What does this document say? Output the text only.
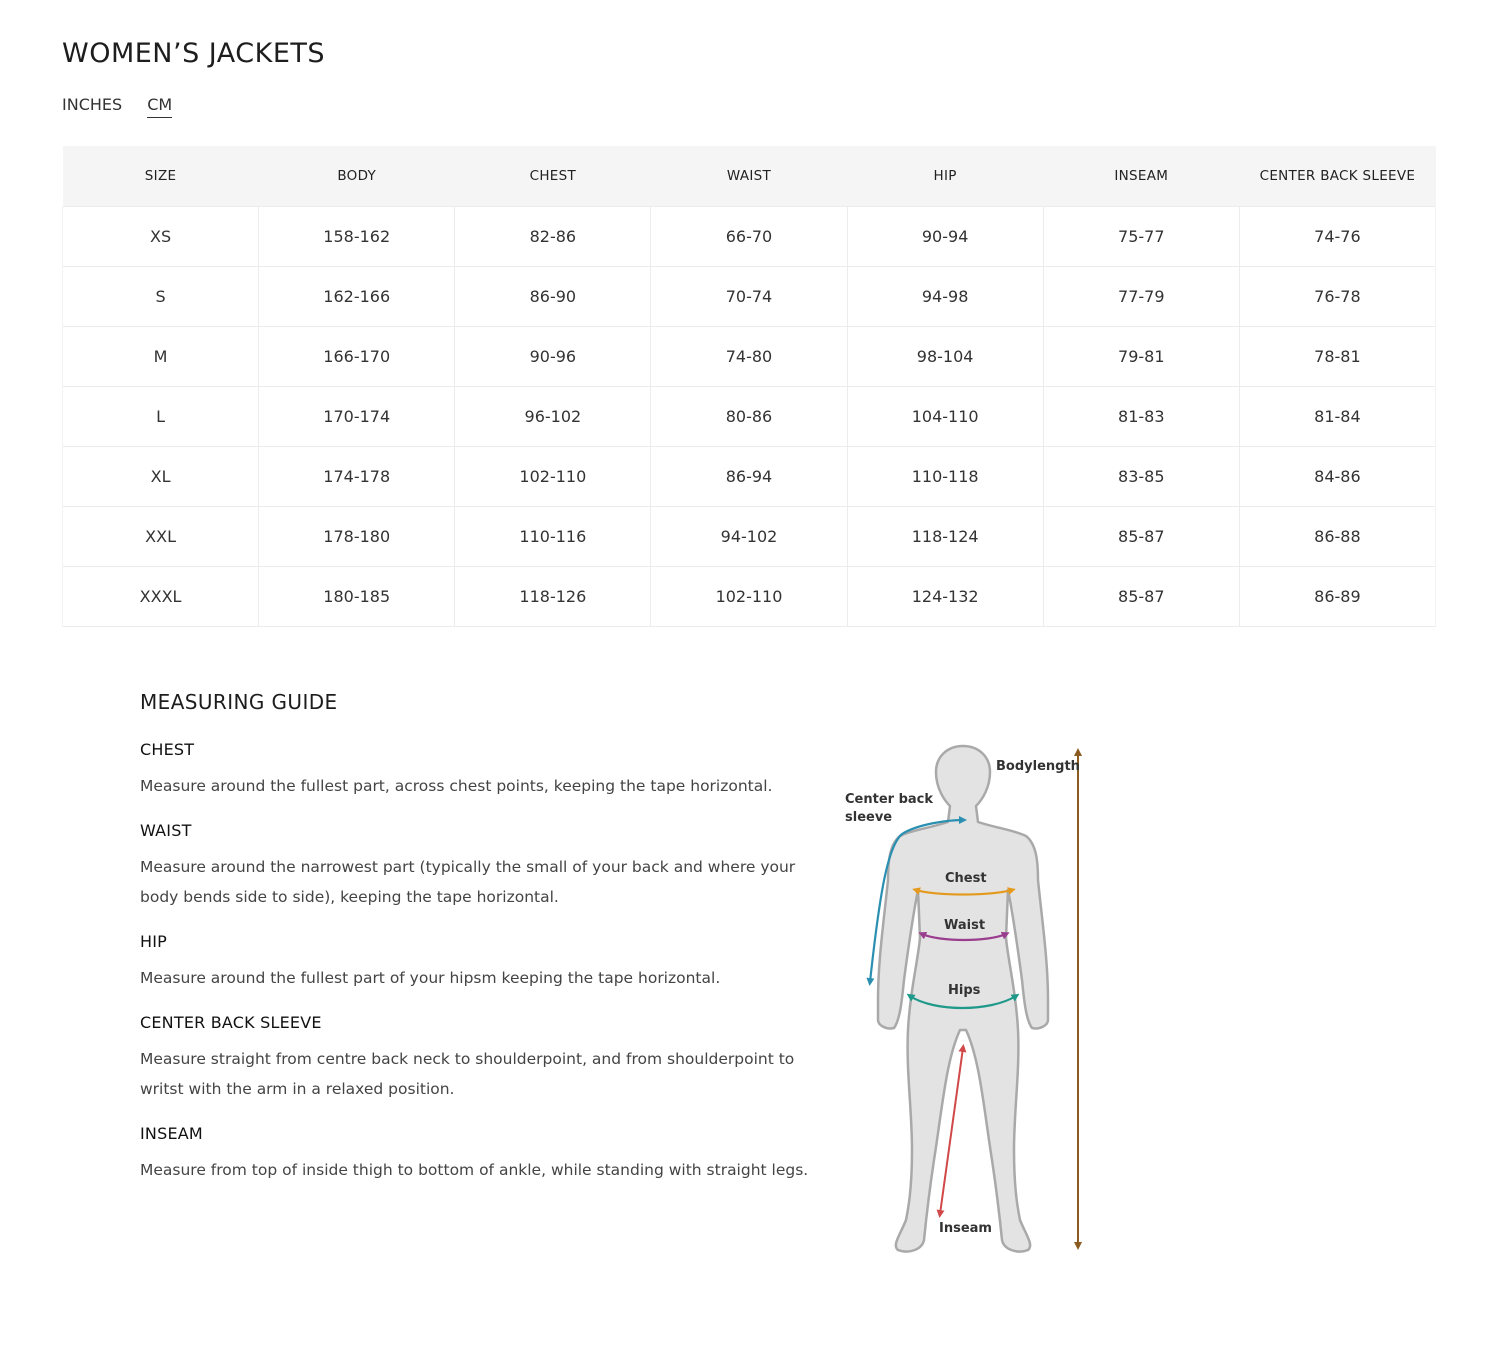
WOMEN’S JACKETS
INCHES CM
SIZE	BODY	CHEST	WAIST	HIP	INSEAM	CENTER BACK SLEEVE
XS	158-162	82-86	66-70	90-94	75-77	74-76
S	162-166	86-90	70-74	94-98	77-79	76-78
M	166-170	90-96	74-80	98-104	79-81	78-81
L	170-174	96-102	80-86	104-110	81-83	81-84
XL	174-178	102-110	86-94	110-118	83-85	84-86
XXL	178-180	110-116	94-102	118-124	85-87	86-88
XXXL	180-185	118-126	102-110	124-132	85-87	86-89
MEASURING GUIDE
CHEST

Measure around the fullest part, across chest points, keeping the tape horizontal.

WAIST

Measure around the narrowest part (typically the small of your back and where your body bends side to side), keeping the tape horizontal.

HIP

Measure around the fullest part of your hipsm keeping the tape horizontal.

CENTER BACK SLEEVE

Measure straight from centre back neck to shoulderpoint, and from shoulderpoint to writst with the arm in a relaxed position.

INSEAM

Measure from top of inside thigh to bottom of ankle, while standing with straight legs.

Bodylength
Center back
sleeve
Chest
Waist
Hips
Inseam
